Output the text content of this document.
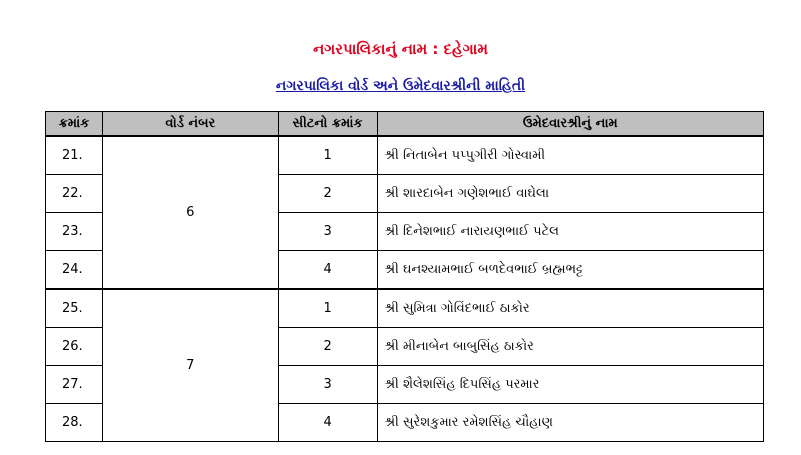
નગરપાલિકાનું નામ : દહેગામ
નગરપાલિકા વોર્ડ અને ઉમેદવારશ્રીની માહિતી
ક્રમાંક	વોર્ડ નંબર	સીટનો ક્રમાંક	ઉમેદવારશ્રીનું નામ
21.	6	1	શ્રી નિતાબેન પપ્પુગીરી ગોસ્વામી
22.		2	શ્રી શારદાબેન ગણેશભાઈ વાઘેલા
23.		3	શ્રી દિનેશભાઈ નારાયણભાઈ પટેલ
24.		4	શ્રી ઘનશ્યામભાઈ બળદેવભાઈ બ્રહ્મભટ્ટ
25.	7	1	શ્રી સુમિત્રા ગોવિંદભાઈ ઠાકોર
26.		2	શ્રી મીનાબેન બાબુસિંહ ઠાકોર
27.		3	શ્રી શૈલેશસિંહ દિપસિંહ પરમાર
28.		4	શ્રી સુરેશકુમાર રમેશસિંહ ચૌહાણ
